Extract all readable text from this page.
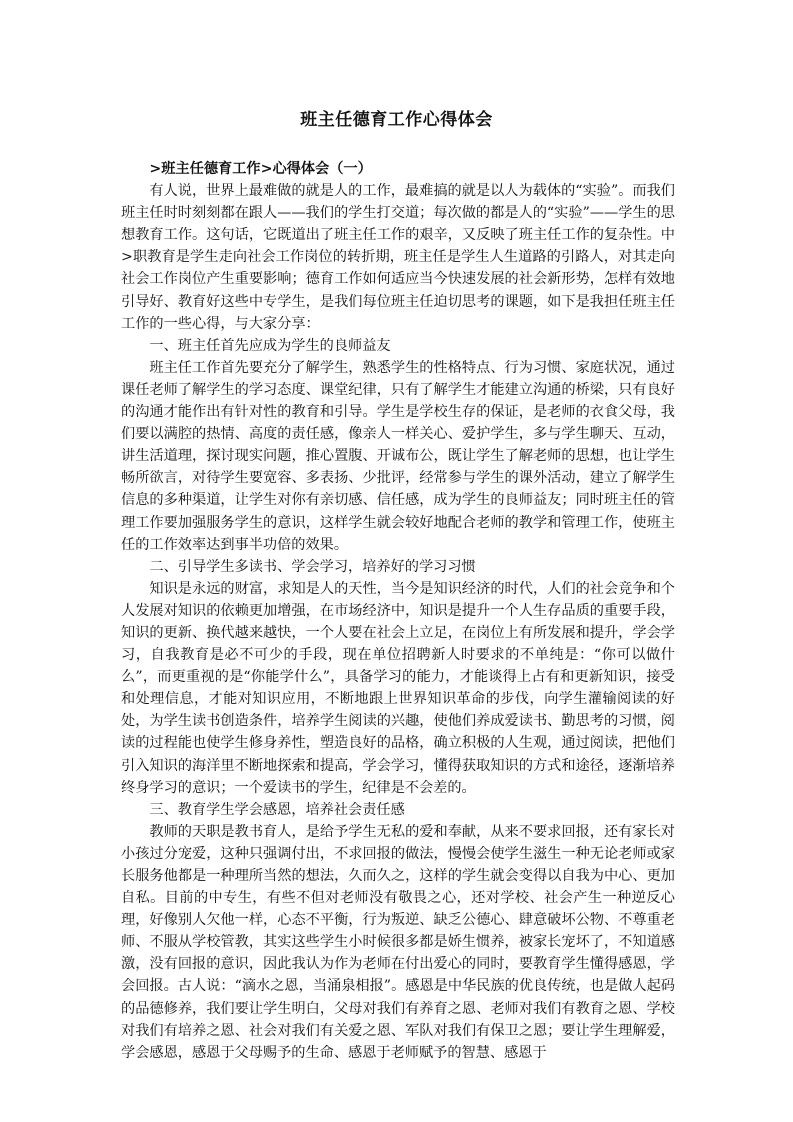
班主任德育工作心得体会

>班主任德育工作>心得体会（一）

有人说，世界上最难做的就是人的工作，最难搞的就是以人为载体的“实验”。而我们班主任时时刻刻都在跟人——我们的学生打交道；每次做的都是人的“实验”——学生的思想教育工作。这句话，它既道出了班主任工作的艰辛，又反映了班主任工作的复杂性。中>职教育是学生走向社会工作岗位的转折期，班主任是学生人生道路的引路人，对其走向社会工作岗位产生重要影响；德育工作如何适应当今快速发展的社会新形势，怎样有效地引导好、教育好这些中专学生，是我们每位班主任迫切思考的课题，如下是我担任班主任工作的一些心得，与大家分享：

一、班主任首先应成为学生的良师益友

班主任工作首先要充分了解学生，熟悉学生的性格特点、行为习惯、家庭状况，通过课任老师了解学生的学习态度、课堂纪律，只有了解学生才能建立沟通的桥梁，只有良好的沟通才能作出有针对性的教育和引导。学生是学校生存的保证，是老师的衣食父母，我们要以满腔的热情、高度的责任感，像亲人一样关心、爱护学生，多与学生聊天、互动，讲生活道理，探讨现实问题，推心置腹、开诚布公，既让学生了解老师的思想，也让学生畅所欲言，对待学生要宽容、多表扬、少批评，经常参与学生的课外活动，建立了解学生信息的多种渠道，让学生对你有亲切感、信任感，成为学生的良师益友；同时班主任的管理工作要加强服务学生的意识，这样学生就会较好地配合老师的教学和管理工作，使班主任的工作效率达到事半功倍的效果。

二、引导学生多读书、学会学习，培养好的学习习惯

知识是永远的财富，求知是人的天性，当今是知识经济的时代，人们的社会竞争和个人发展对知识的依赖更加增强，在市场经济中，知识是提升一个人生存品质的重要手段，知识的更新、换代越来越快，一个人要在社会上立足，在岗位上有所发展和提升，学会学习，自我教育是必不可少的手段，现在单位招聘新人时要求的不单纯是：“你可以做什么”，而更重视的是“你能学什么”，具备学习的能力，才能谈得上占有和更新知识，接受和处理信息，才能对知识应用，不断地跟上世界知识革命的步伐，向学生灌输阅读的好处，为学生读书创造条件，培养学生阅读的兴趣，使他们养成爱读书、勤思考的习惯，阅读的过程能也使学生修身养性，塑造良好的品格，确立积极的人生观，通过阅读，把他们引入知识的海洋里不断地探索和提高，学会学习，懂得获取知识的方式和途径，逐渐培养终身学习的意识；一个爱读书的学生，纪律是不会差的。

三、教育学生学会感恩，培养社会责任感

教师的天职是教书育人，是给予学生无私的爱和奉献，从来不要求回报，还有家长对小孩过分宠爱，这种只强调付出，不求回报的做法，慢慢会使学生滋生一种无论老师或家长服务他都是一种理所当然的想法，久而久之，这样的学生就会变得以自我为中心、更加自私。目前的中专生，有些不但对老师没有敬畏之心，还对学校、社会产生一种逆反心理，好像别人欠他一样，心态不平衡，行为叛逆、缺乏公德心、肆意破坏公物、不尊重老师、不服从学校管教，其实这些学生小时候很多都是娇生惯养，被家长宠坏了，不知道感激，没有回报的意识，因此我认为作为老师在付出爱心的同时，要教育学生懂得感恩，学会回报。古人说：“滴水之恩，当涌泉相报”。感恩是中华民族的优良传统，也是做人起码的品德修养，我们要让学生明白，父母对我们有养育之恩、老师对我们有教育之恩、学校对我们有培养之恩、社会对我们有关爱之恩、军队对我们有保卫之恩；要让学生理解爱，学会感恩，感恩于父母赐予的生命、感恩于老师赋予的智慧、感恩于
